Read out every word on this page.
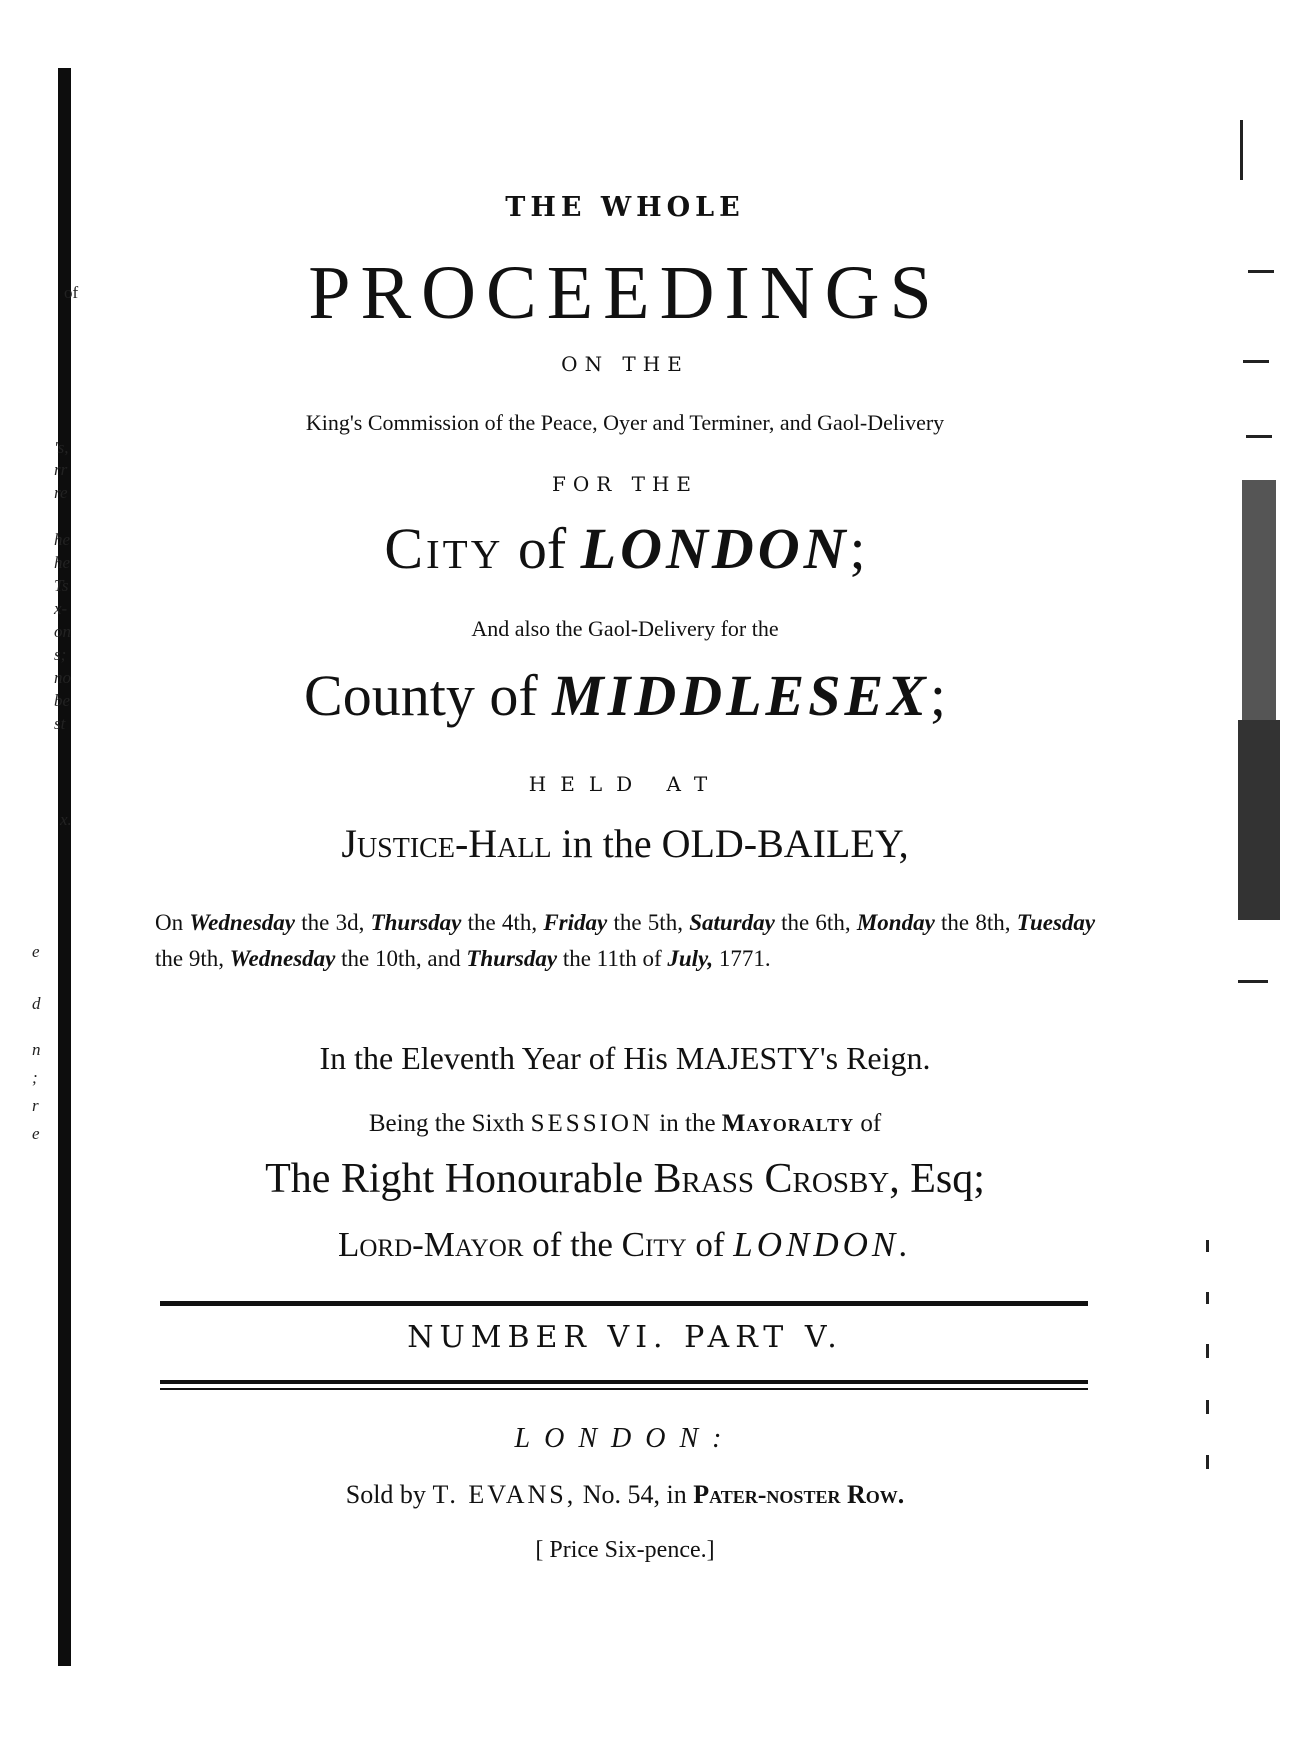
of
's,
rr
re
he
he
Ts
x-
on
s;
no
be
st
x.
e
d
n
;
r
e
THE WHOLE
PROCEEDINGS
ON THE
King's Commission of the Peace, Oyer and Terminer, and Gaol-Delivery
FOR THE
City of LONDON;
And also the Gaol-Delivery for the
County of MIDDLESEX;
HELD AT
Justice-Hall in the OLD-BAILEY,
On Wednesday the 3d, Thursday the 4th, Friday the 5th, Saturday the 6th, Monday the 8th, Tuesday the 9th, Wednesday the 10th, and Thursday the 11th of July, 1771.
In the Eleventh Year of His MAJESTY's Reign.
Being the Sixth SESSION in the Mayoralty of
The Right Honourable Brass Crosby, Esq;
Lord-Mayor of the City of LONDON.
NUMBER VI. PART V.
LONDON:
Sold by T. EVANS, No. 54, in Pater-noster Row.
[ Price Six-pence.]
